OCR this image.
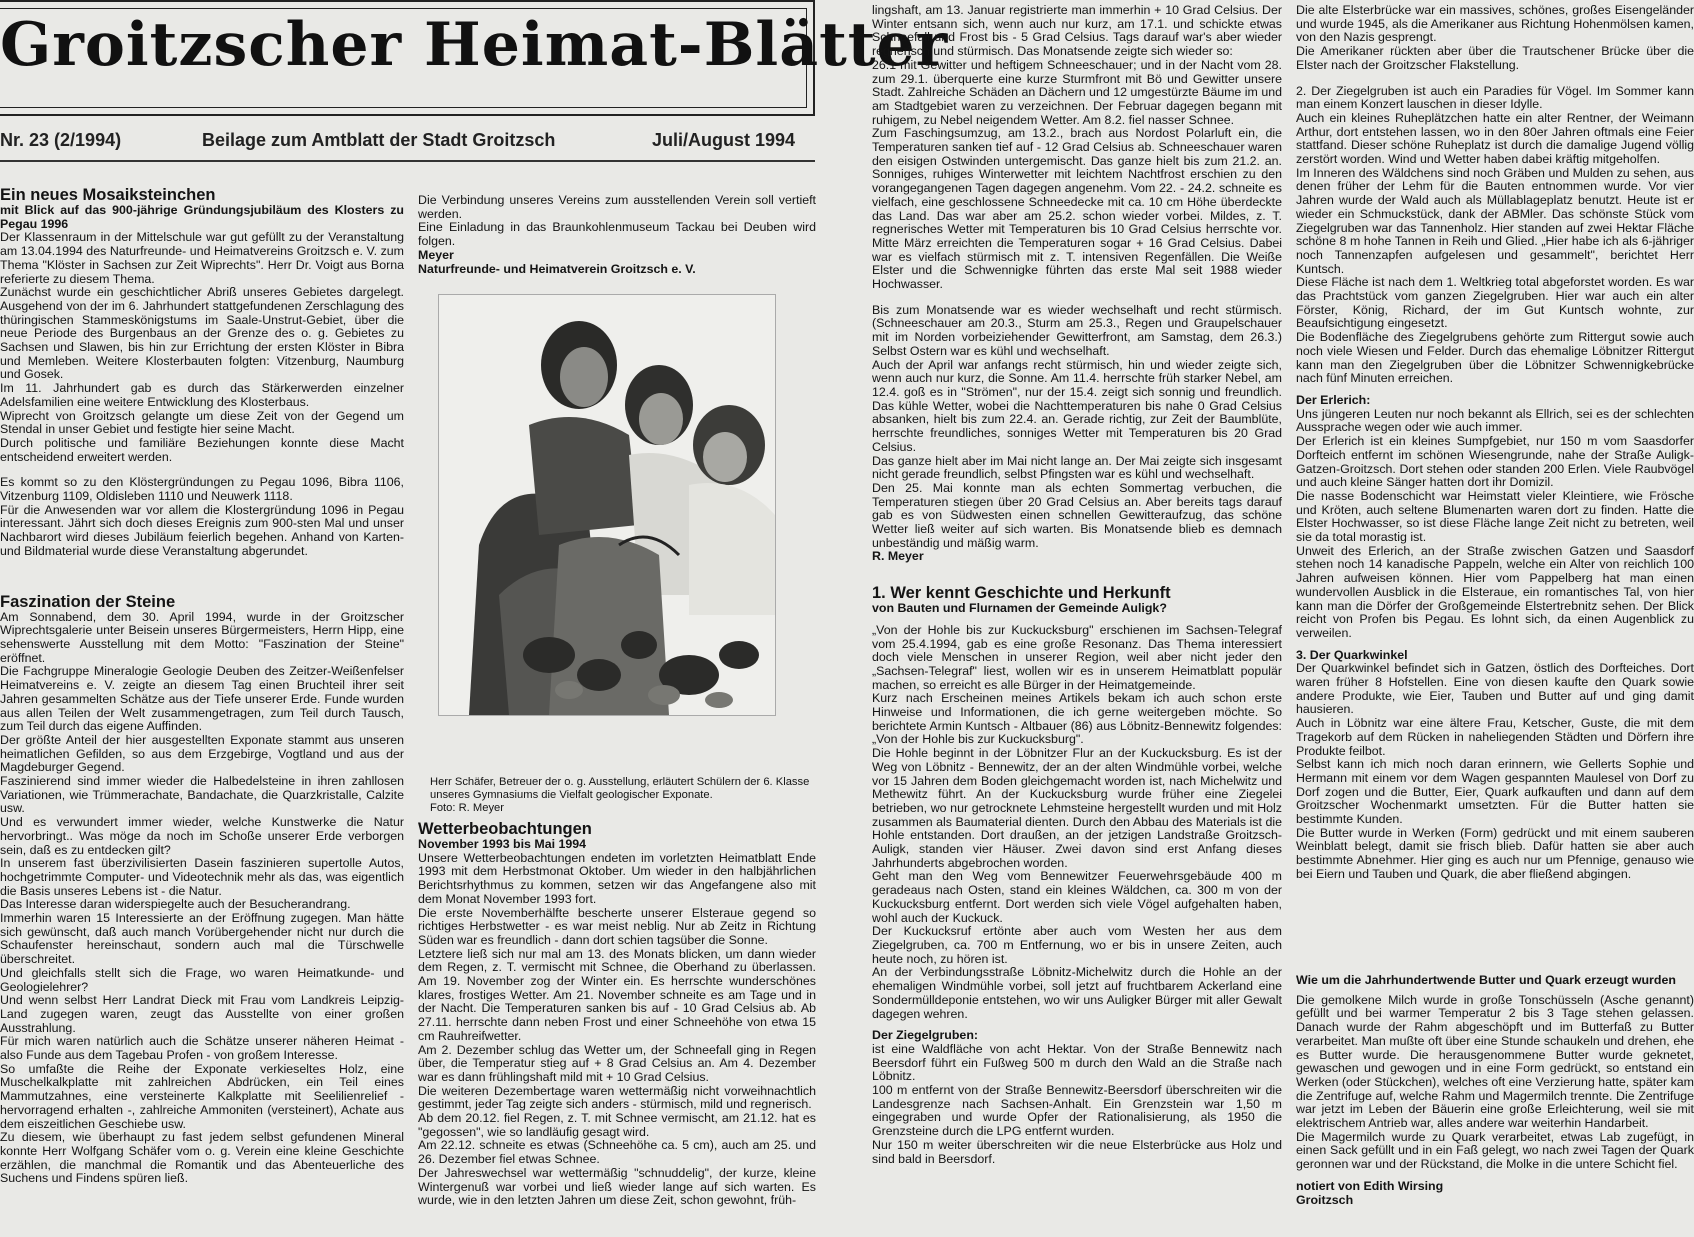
Groitzscher Heimat-Blätter
Nr. 23 (2/1994)	Beilage zum Amtblatt der Stadt Groitzsch	Juli/August 1994
Ein neues Mosaiksteinchen
mit Blick auf das 900-jährige Gründungsjubiläum des Klosters zu Pegau 1996

Der Klassenraum in der Mittelschule war gut gefüllt zu der Veranstaltung am 13.04.1994 des Naturfreunde- und Heimatvereins Groitzsch e. V. zum Thema "Klöster in Sachsen zur Zeit Wiprechts". Herr Dr. Voigt aus Borna referierte zu diesem Thema.

Zunächst wurde ein geschichtlicher Abriß unseres Gebietes dargelegt. Ausgehend von der im 6. Jahrhundert stattgefundenen Zerschlagung des thüringischen Stammeskönigstums im Saale-Unstrut-Gebiet, über die neue Periode des Burgenbaus an der Grenze des o. g. Gebietes zu Sachsen und Slawen, bis hin zur Errichtung der ersten Klöster in Bibra und Memleben. Weitere Klosterbauten folgten: Vitzenburg, Naumburg und Gosek.

Im 11. Jahrhundert gab es durch das Stärkerwerden einzelner Adelsfamilien eine weitere Entwicklung des Klosterbaus.

Wiprecht von Groitzsch gelangte um diese Zeit von der Gegend um Stendal in unser Gebiet und festigte hier seine Macht.

Durch politische und familiäre Beziehungen konnte diese Macht entscheidend erweitert werden.

Es kommt so zu den Klöstergründungen zu Pegau 1096, Bibra 1106, Vitzenburg 1109, Oldisleben 1110 und Neuwerk 1118.

Für die Anwesenden war vor allem die Klostergründung 1096 in Pegau interessant. Jährt sich doch dieses Ereignis zum 900-sten Mal und unser Nachbarort wird dieses Jubiläum feierlich begehen. Anhand von Karten- und Bildmaterial wurde diese Veranstaltung abgerundet.

Faszination der Steine

Am Sonnabend, dem 30. April 1994, wurde in der Groitzscher Wiprechtsgalerie unter Beisein unseres Bürgermeisters, Herrn Hipp, eine sehenswerte Ausstellung mit dem Motto: "Faszination der Steine" eröffnet.

Die Fachgruppe Mineralogie Geologie Deuben des Zeitzer-Weißenfelser Heimatvereins e. V. zeigte an diesem Tag einen Bruchteil ihrer seit Jahren gesammelten Schätze aus der Tiefe unserer Erde. Funde wurden aus allen Teilen der Welt zusammengetragen, zum Teil durch Tausch, zum Teil durch das eigene Auffinden.

Der größte Anteil der hier ausgestellten Exponate stammt aus unseren heimatlichen Gefilden, so aus dem Erzgebirge, Vogtland und aus der Magdeburger Gegend.

Faszinierend sind immer wieder die Halbedelsteine in ihren zahllosen Variationen, wie Trümmerachate, Bandachate, die Quarzkristalle, Calzite usw.

Und es verwundert immer wieder, welche Kunstwerke die Natur hervorbringt.. Was möge da noch im Schoße unserer Erde verborgen sein, daß es zu entdecken gilt?

In unserem fast überzivilisierten Dasein faszinieren supertolle Autos, hochgetrimmte Computer- und Videotechnik mehr als das, was eigentlich die Basis unseres Lebens ist - die Natur.

Das Interesse daran widerspiegelte auch der Besucherandrang.

Immerhin waren 15 Interessierte an der Eröffnung zugegen. Man hätte sich gewünscht, daß auch manch Vorübergehender nicht nur durch die Schaufenster hereinschaut, sondern auch mal die Türschwelle überschreitet.

Und gleichfalls stellt sich die Frage, wo waren Heimatkunde- und Geologielehrer?

Und wenn selbst Herr Landrat Dieck mit Frau vom Landkreis Leipzig-Land zugegen waren, zeugt das Ausstellte von einer großen Ausstrahlung.

Für mich waren natürlich auch die Schätze unserer näheren Heimat - also Funde aus dem Tagebau Profen - von großem Interesse.

So umfaßte die Reihe der Exponate verkieseltes Holz, eine Muschelkalkplatte mit zahlreichen Abdrücken, ein Teil eines Mammutzahnes, eine versteinerte Kalkplatte mit Seelilienrelief - hervorragend erhalten -, zahlreiche Ammoniten (versteinert), Achate aus dem eiszeitlichen Geschiebe usw.

Zu diesem, wie überhaupt zu fast jedem selbst gefundenen Mineral konnte Herr Wolfgang Schäfer vom o. g. Verein eine kleine Geschichte erzählen, die manchmal die Romantik und das Abenteuerliche des Suchens und Findens spüren ließ.

Die Verbindung unseres Vereins zum ausstellenden Verein soll vertieft werden.

Eine Einladung in das Braunkohlenmuseum Tackau bei Deuben wird folgen.

Meyer

Naturfreunde- und Heimatverein Groitzsch e. V.

Herr Schäfer, Betreuer der o. g. Ausstellung, erläutert Schülern der 6. Klasse unseres Gymnasiums die Vielfalt geologischer Exponate.
Foto: R. Meyer
Wetterbeobachtungen
November 1993 bis Mai 1994

Unsere Wetterbeobachtungen endeten im vorletzten Heimatblatt Ende 1993 mit dem Herbstmonat Oktober. Um wieder in den halbjährlichen Berichtsrhythmus zu kommen, setzen wir das Angefangene also mit dem Monat November 1993 fort.

Die erste Novemberhälfte bescherte unserer Elsteraue gegend so richtiges Herbstwetter - es war meist neblig. Nur ab Zeitz in Richtung Süden war es freundlich - dann dort schien tagsüber die Sonne.

Letztere ließ sich nur mal am 13. des Monats blicken, um dann wieder dem Regen, z. T. vermischt mit Schnee, die Oberhand zu überlassen. Am 19. November zog der Winter ein. Es herrschte wunderschönes klares, frostiges Wetter. Am 21. November schneite es am Tage und in der Nacht. Die Temperaturen sanken bis auf - 10 Grad Celsius ab. Ab 27.11. herrschte dann neben Frost und einer Schneehöhe von etwa 15 cm Rauhreifwetter.

Am 2. Dezember schlug das Wetter um, der Schneefall ging in Regen über, die Temperatur stieg auf + 8 Grad Celsius an. Am 4. Dezember war es dann frühlingshaft mild mit + 10 Grad Celsius.

Die weiteren Dezembertage waren wettermäßig nicht vorweihnachtlich gestimmt, jeder Tag zeigte sich anders - stürmisch, mild und regnerisch.

Ab dem 20.12. fiel Regen, z. T. mit Schnee vermischt, am 21.12. hat es "gegossen", wie so landläufig gesagt wird.

Am 22.12. schneite es etwas (Schneehöhe ca. 5 cm), auch am 25. und 26. Dezember fiel etwas Schnee.

Der Jahreswechsel war wettermäßig "schnuddelig", der kurze, kleine Wintergenuß war vorbei und ließ wieder lange auf sich warten. Es wurde, wie in den letzten Jahren um diese Zeit, schon gewohnt, früh-

lingshaft, am 13. Januar registrierte man immerhin + 10 Grad Celsius. Der Winter entsann sich, wenn auch nur kurz, am 17.1. und schickte etwas Schneefall und Frost bis - 5 Grad Celsius. Tags darauf war's aber wieder regnerisch und stürmisch. Das Monatsende zeigte sich wieder so:

26.1 mit Gewitter und heftigem Schneeschauer; und in der Nacht vom 28. zum 29.1. überquerte eine kurze Sturmfront mit Bö und Gewitter unsere Stadt. Zahlreiche Schäden an Dächern und 12 umgestürzte Bäume im und am Stadtgebiet waren zu verzeichnen. Der Februar dagegen begann mit ruhigem, zu Nebel neigendem Wetter. Am 8.2. fiel nasser Schnee.

Zum Faschingsumzug, am 13.2., brach aus Nordost Polarluft ein, die Temperaturen sanken tief auf - 12 Grad Celsius ab. Schneeschauer waren den eisigen Ostwinden untergemischt. Das ganze hielt bis zum 21.2. an. Sonniges, ruhiges Winterwetter mit leichtem Nachtfrost erschien zu den vorangegangenen Tagen dagegen angenehm. Vom 22. - 24.2. schneite es vielfach, eine geschlossene Schneedecke mit ca. 10 cm Höhe überdeckte das Land. Das war aber am 25.2. schon wieder vorbei. Mildes, z. T. regnerisches Wetter mit Temperaturen bis 10 Grad Celsius herrschte vor. Mitte März erreichten die Temperaturen sogar + 16 Grad Celsius. Dabei war es vielfach stürmisch mit z. T. intensiven Regenfällen. Die Weiße Elster und die Schwennigke führten das erste Mal seit 1988 wieder Hochwasser.

Bis zum Monatsende war es wieder wechselhaft und recht stürmisch. (Schneeschauer am 20.3., Sturm am 25.3., Regen und Graupelschauer mit im Norden vorbeiziehender Gewitterfront, am Samstag, dem 26.3.) Selbst Ostern war es kühl und wechselhaft.

Auch der April war anfangs recht stürmisch, hin und wieder zeigte sich, wenn auch nur kurz, die Sonne. Am 11.4. herrschte früh starker Nebel, am 12.4. goß es in "Strömen", nur der 15.4. zeigt sich sonnig und freundlich. Das kühle Wetter, wobei die Nachttemperaturen bis nahe 0 Grad Celsius absanken, hielt bis zum 22.4. an. Gerade richtig, zur Zeit der Baumblüte, herrschte freundliches, sonniges Wetter mit Temperaturen bis 20 Grad Celsius.

Das ganze hielt aber im Mai nicht lange an. Der Mai zeigte sich insgesamt nicht gerade freundlich, selbst Pfingsten war es kühl und wechselhaft.

Den 25. Mai konnte man als echten Sommertag verbuchen, die Temperaturen stiegen über 20 Grad Celsius an. Aber bereits tags darauf gab es von Südwesten einen schnellen Gewitteraufzug, das schöne Wetter ließ weiter auf sich warten. Bis Monatsende blieb es demnach unbeständig und mäßig warm.

R. Meyer

1. Wer kennt Geschichte und Herkunft
von Bauten und Flurnamen der Gemeinde Auligk?

„Von der Hohle bis zur Kuckucksburg" erschienen im Sachsen-Telegraf vom 25.4.1994, gab es eine große Resonanz. Das Thema interessiert doch viele Menschen in unserer Region, weil aber nicht jeder den „Sachsen-Telegraf" liest, wollen wir es in unserem Heimatblatt populär machen, so erreicht es alle Bürger in der Heimatgemeinde.

Kurz nach Erscheinen meines Artikels bekam ich auch schon erste Hinweise und Informationen, die ich gerne weitergeben möchte. So berichtete Armin Kuntsch - Altbauer (86) aus Löbnitz-Bennewitz folgendes: „Von der Hohle bis zur Kuckucksburg".

Die Hohle beginnt in der Löbnitzer Flur an der Kuckucksburg. Es ist der Weg von Löbnitz - Bennewitz, der an der alten Windmühle vorbei, welche vor 15 Jahren dem Boden gleichgemacht worden ist, nach Michelwitz und Methewitz führt. An der Kuckucksburg wurde früher eine Ziegelei betrieben, wo nur getrocknete Lehmsteine hergestellt wurden und mit Holz zusammen als Baumaterial dienten. Durch den Abbau des Materials ist die Hohle entstanden. Dort draußen, an der jetzigen Landstraße Groitzsch-Auligk, standen vier Häuser. Zwei davon sind erst Anfang dieses Jahrhunderts abgebrochen worden.

Geht man den Weg vom Bennewitzer Feuerwehrsgebäude 400 m geradeaus nach Osten, stand ein kleines Wäldchen, ca. 300 m von der Kuckucksburg entfernt. Dort werden sich viele Vögel aufgehalten haben, wohl auch der Kuckuck.

Der Kuckucksruf ertönte aber auch vom Westen her aus dem Ziegelgruben, ca. 700 m Entfernung, wo er bis in unsere Zeiten, auch heute noch, zu hören ist.

An der Verbindungsstraße Löbnitz-Michelwitz durch die Hohle an der ehemaligen Windmühle vorbei, soll jetzt auf fruchtbarem Ackerland eine Sondermülldeponie entstehen, wo wir uns Auligker Bürger mit aller Gewalt dagegen wehren.

Der Ziegelgruben:

ist eine Waldfläche von acht Hektar. Von der Straße Bennewitz nach Beersdorf führt ein Fußweg 500 m durch den Wald an die Straße nach Löbnitz.

100 m entfernt von der Straße Bennewitz-Beersdorf überschreiten wir die Landesgrenze nach Sachsen-Anhalt. Ein Grenzstein war 1,50 m eingegraben und wurde Opfer der Rationalisierung, als 1950 die Grenzsteine durch die LPG entfernt wurden.

Nur 150 m weiter überschreiten wir die neue Elsterbrücke aus Holz und sind bald in Beersdorf.

Die alte Elsterbrücke war ein massives, schönes, großes Eisengeländer und wurde 1945, als die Amerikaner aus Richtung Hohenmölsen kamen, von den Nazis gesprengt.

Die Amerikaner rückten aber über die Trautschener Brücke über die Elster nach der Groitzscher Flakstellung.

2. Der Ziegelgruben ist auch ein Paradies für Vögel. Im Sommer kann man einem Konzert lauschen in dieser Idylle.

Auch ein kleines Ruheplätzchen hatte ein alter Rentner, der Weimann Arthur, dort entstehen lassen, wo in den 80er Jahren oftmals eine Feier stattfand. Dieser schöne Ruheplatz ist durch die damalige Jugend völlig zerstört worden. Wind und Wetter haben dabei kräftig mitgeholfen.

Im Inneren des Wäldchens sind noch Gräben und Mulden zu sehen, aus denen früher der Lehm für die Bauten entnommen wurde. Vor vier Jahren wurde der Wald auch als Müllablageplatz benutzt. Heute ist er wieder ein Schmuckstück, dank der ABMler. Das schönste Stück vom Ziegelgruben war das Tannenholz. Hier standen auf zwei Hektar Fläche schöne 8 m hohe Tannen in Reih und Glied. „Hier habe ich als 6-jähriger noch Tannenzapfen aufgelesen und gesammelt", berichtet Herr Kuntsch.

Diese Fläche ist nach dem 1. Weltkrieg total abgeforstet worden. Es war das Prachtstück vom ganzen Ziegelgruben. Hier war auch ein alter Förster, König, Richard, der im Gut Kuntsch wohnte, zur Beaufsichtigung eingesetzt.

Die Bodenfläche des Ziegelgrubens gehörte zum Rittergut sowie auch noch viele Wiesen und Felder. Durch das ehemalige Löbnitzer Rittergut kann man den Ziegelgruben über die Löbnitzer Schwennigkebrücke nach fünf Minuten erreichen.

Der Erlerich:

Uns jüngeren Leuten nur noch bekannt als Ellrich, sei es der schlechten Aussprache wegen oder wie auch immer.

Der Erlerich ist ein kleines Sumpfgebiet, nur 150 m vom Saasdorfer Dorfteich entfernt im schönen Wiesengrunde, nahe der Straße Auligk-Gatzen-Groitzsch. Dort stehen oder standen 200 Erlen. Viele Raubvögel und auch kleine Sänger hatten dort ihr Domizil.

Die nasse Bodenschicht war Heimstatt vieler Kleintiere, wie Frösche und Kröten, auch seltene Blumenarten waren dort zu finden. Hatte die Elster Hochwasser, so ist diese Fläche lange Zeit nicht zu betreten, weil sie da total morastig ist.

Unweit des Erlerich, an der Straße zwischen Gatzen und Saasdorf stehen noch 14 kanadische Pappeln, welche ein Alter von reichlich 100 Jahren aufweisen können. Hier vom Pappelberg hat man einen wundervollen Ausblick in die Elsteraue, ein romantisches Tal, von hier kann man die Dörfer der Großgemeinde Elstertrebnitz sehen. Der Blick reicht von Profen bis Pegau. Es lohnt sich, da einen Augenblick zu verweilen.

3. Der Quarkwinkel

Der Quarkwinkel befindet sich in Gatzen, östlich des Dorfteiches. Dort waren früher 8 Hofstellen. Eine von diesen kaufte den Quark sowie andere Produkte, wie Eier, Tauben und Butter auf und ging damit hausieren.

Auch in Löbnitz war eine ältere Frau, Ketscher, Guste, die mit dem Tragekorb auf dem Rücken in naheliegenden Städten und Dörfern ihre Produkte feilbot.

Selbst kann ich mich noch daran erinnern, wie Gellerts Sophie und Hermann mit einem vor dem Wagen gespannten Maulesel von Dorf zu Dorf zogen und die Butter, Eier, Quark aufkauften und dann auf dem Groitzscher Wochenmarkt umsetzten. Für die Butter hatten sie bestimmte Kunden.

Die Butter wurde in Werken (Form) gedrückt und mit einem sauberen Weinblatt belegt, damit sie frisch blieb. Dafür hatten sie aber auch bestimmte Abnehmer. Hier ging es auch nur um Pfennige, genauso wie bei Eiern und Tauben und Quark, die aber fließend abgingen.

Wie um die Jahrhundertwende Butter und Quark erzeugt wurden

Die gemolkene Milch wurde in große Tonschüsseln (Asche genannt) gefüllt und bei warmer Temperatur 2 bis 3 Tage stehen gelassen. Danach wurde der Rahm abgeschöpft und im Butterfaß zu Butter verarbeitet. Man mußte oft über eine Stunde schaukeln und drehen, ehe es Butter wurde. Die herausgenommene Butter wurde geknetet, gewaschen und gewogen und in eine Form gedrückt, so entstand ein Werken (oder Stückchen), welches oft eine Verzierung hatte, später kam die Zentrifuge auf, welche Rahm und Magermilch trennte. Die Zentrifuge war jetzt im Leben der Bäuerin eine große Erleichterung, weil sie mit elektrischem Antrieb war, alles andere war weiterhin Handarbeit.

Die Magermilch wurde zu Quark verarbeitet, etwas Lab zugefügt, in einen Sack gefüllt und in ein Faß gelegt, wo nach zwei Tagen der Quark geronnen war und der Rückstand, die Molke in die untere Schicht fiel.

notiert von Edith Wirsing

Groitzsch
